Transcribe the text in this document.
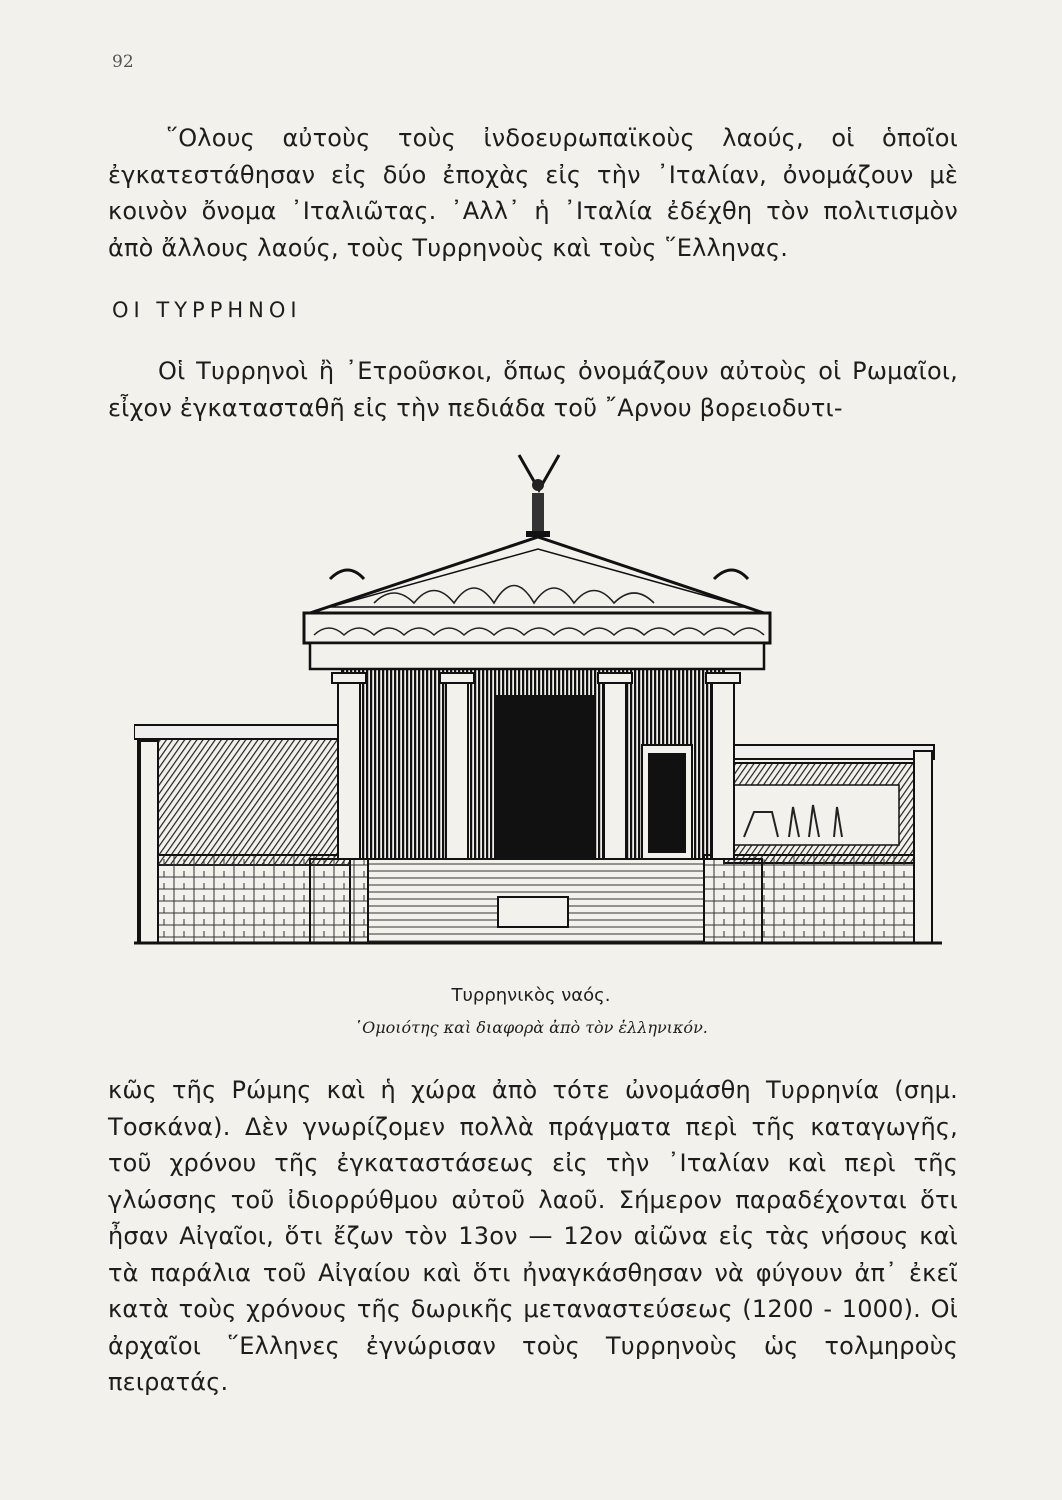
92

῞Ολους αὐτοὺς τοὺς ἰνδοευρωπαϊκοὺς λαούς, οἱ ὁποῖοι ἐγκατεστάθησαν εἰς δύο ἐποχὰς εἰς τὴν ᾿Ιταλίαν, ὀνομάζουν μὲ κοινὸν ὄνομα ᾿Ιταλιῶτας. ᾿Αλλ᾿ ἡ ᾿Ιταλία ἐδέχθη τὸν πολιτισμὸν ἀπὸ ἄλλους λαούς, τοὺς Τυρρηνοὺς καὶ τοὺς ῞Ελληνας.

ΟΙ ΤΥΡΡΗΝΟΙ

Οἱ Τυρρηνοὶ ἢ ᾿Ετροῦσκοι, ὅπως ὀνομάζουν αὐτοὺς οἱ Ρωμαῖοι, εἶχον ἐγκατασταθῆ εἰς τὴν πεδιάδα τοῦ ῎Αρνου βορειοδυτι-

Τυρρηνικὸς ναός.
῾Ομοιότης καὶ διαφορὰ ἀπὸ τὸν ἑλληνικόν.

κῶς τῆς Ρώμης καὶ ἡ χώρα ἀπὸ τότε ὠνομάσθη Τυρρηνία (σημ. Τοσκάνα). Δὲν γνωρίζομεν πολλὰ πράγματα περὶ τῆς καταγωγῆς, τοῦ χρόνου τῆς ἐγκαταστάσεως εἰς τὴν ᾿Ιταλίαν καὶ περὶ τῆς γλώσσης τοῦ ἰδιορρύθμου αὐτοῦ λαοῦ. Σήμερον παραδέχονται ὅτι ἦσαν Αἰγαῖοι, ὅτι ἔζων τὸν 13ον — 12ον αἰῶνα εἰς τὰς νήσους καὶ τὰ παράλια τοῦ Αἰγαίου καὶ ὅτι ἠναγκάσθησαν νὰ φύγουν ἀπ᾿ ἐκεῖ κατὰ τοὺς χρόνους τῆς δωρικῆς μεταναστεύσεως (1200 - 1000). Οἱ ἀρχαῖοι ῞Ελληνες ἐγνώρισαν τοὺς Τυρρηνοὺς ὡς τολμηροὺς πειρατάς.
